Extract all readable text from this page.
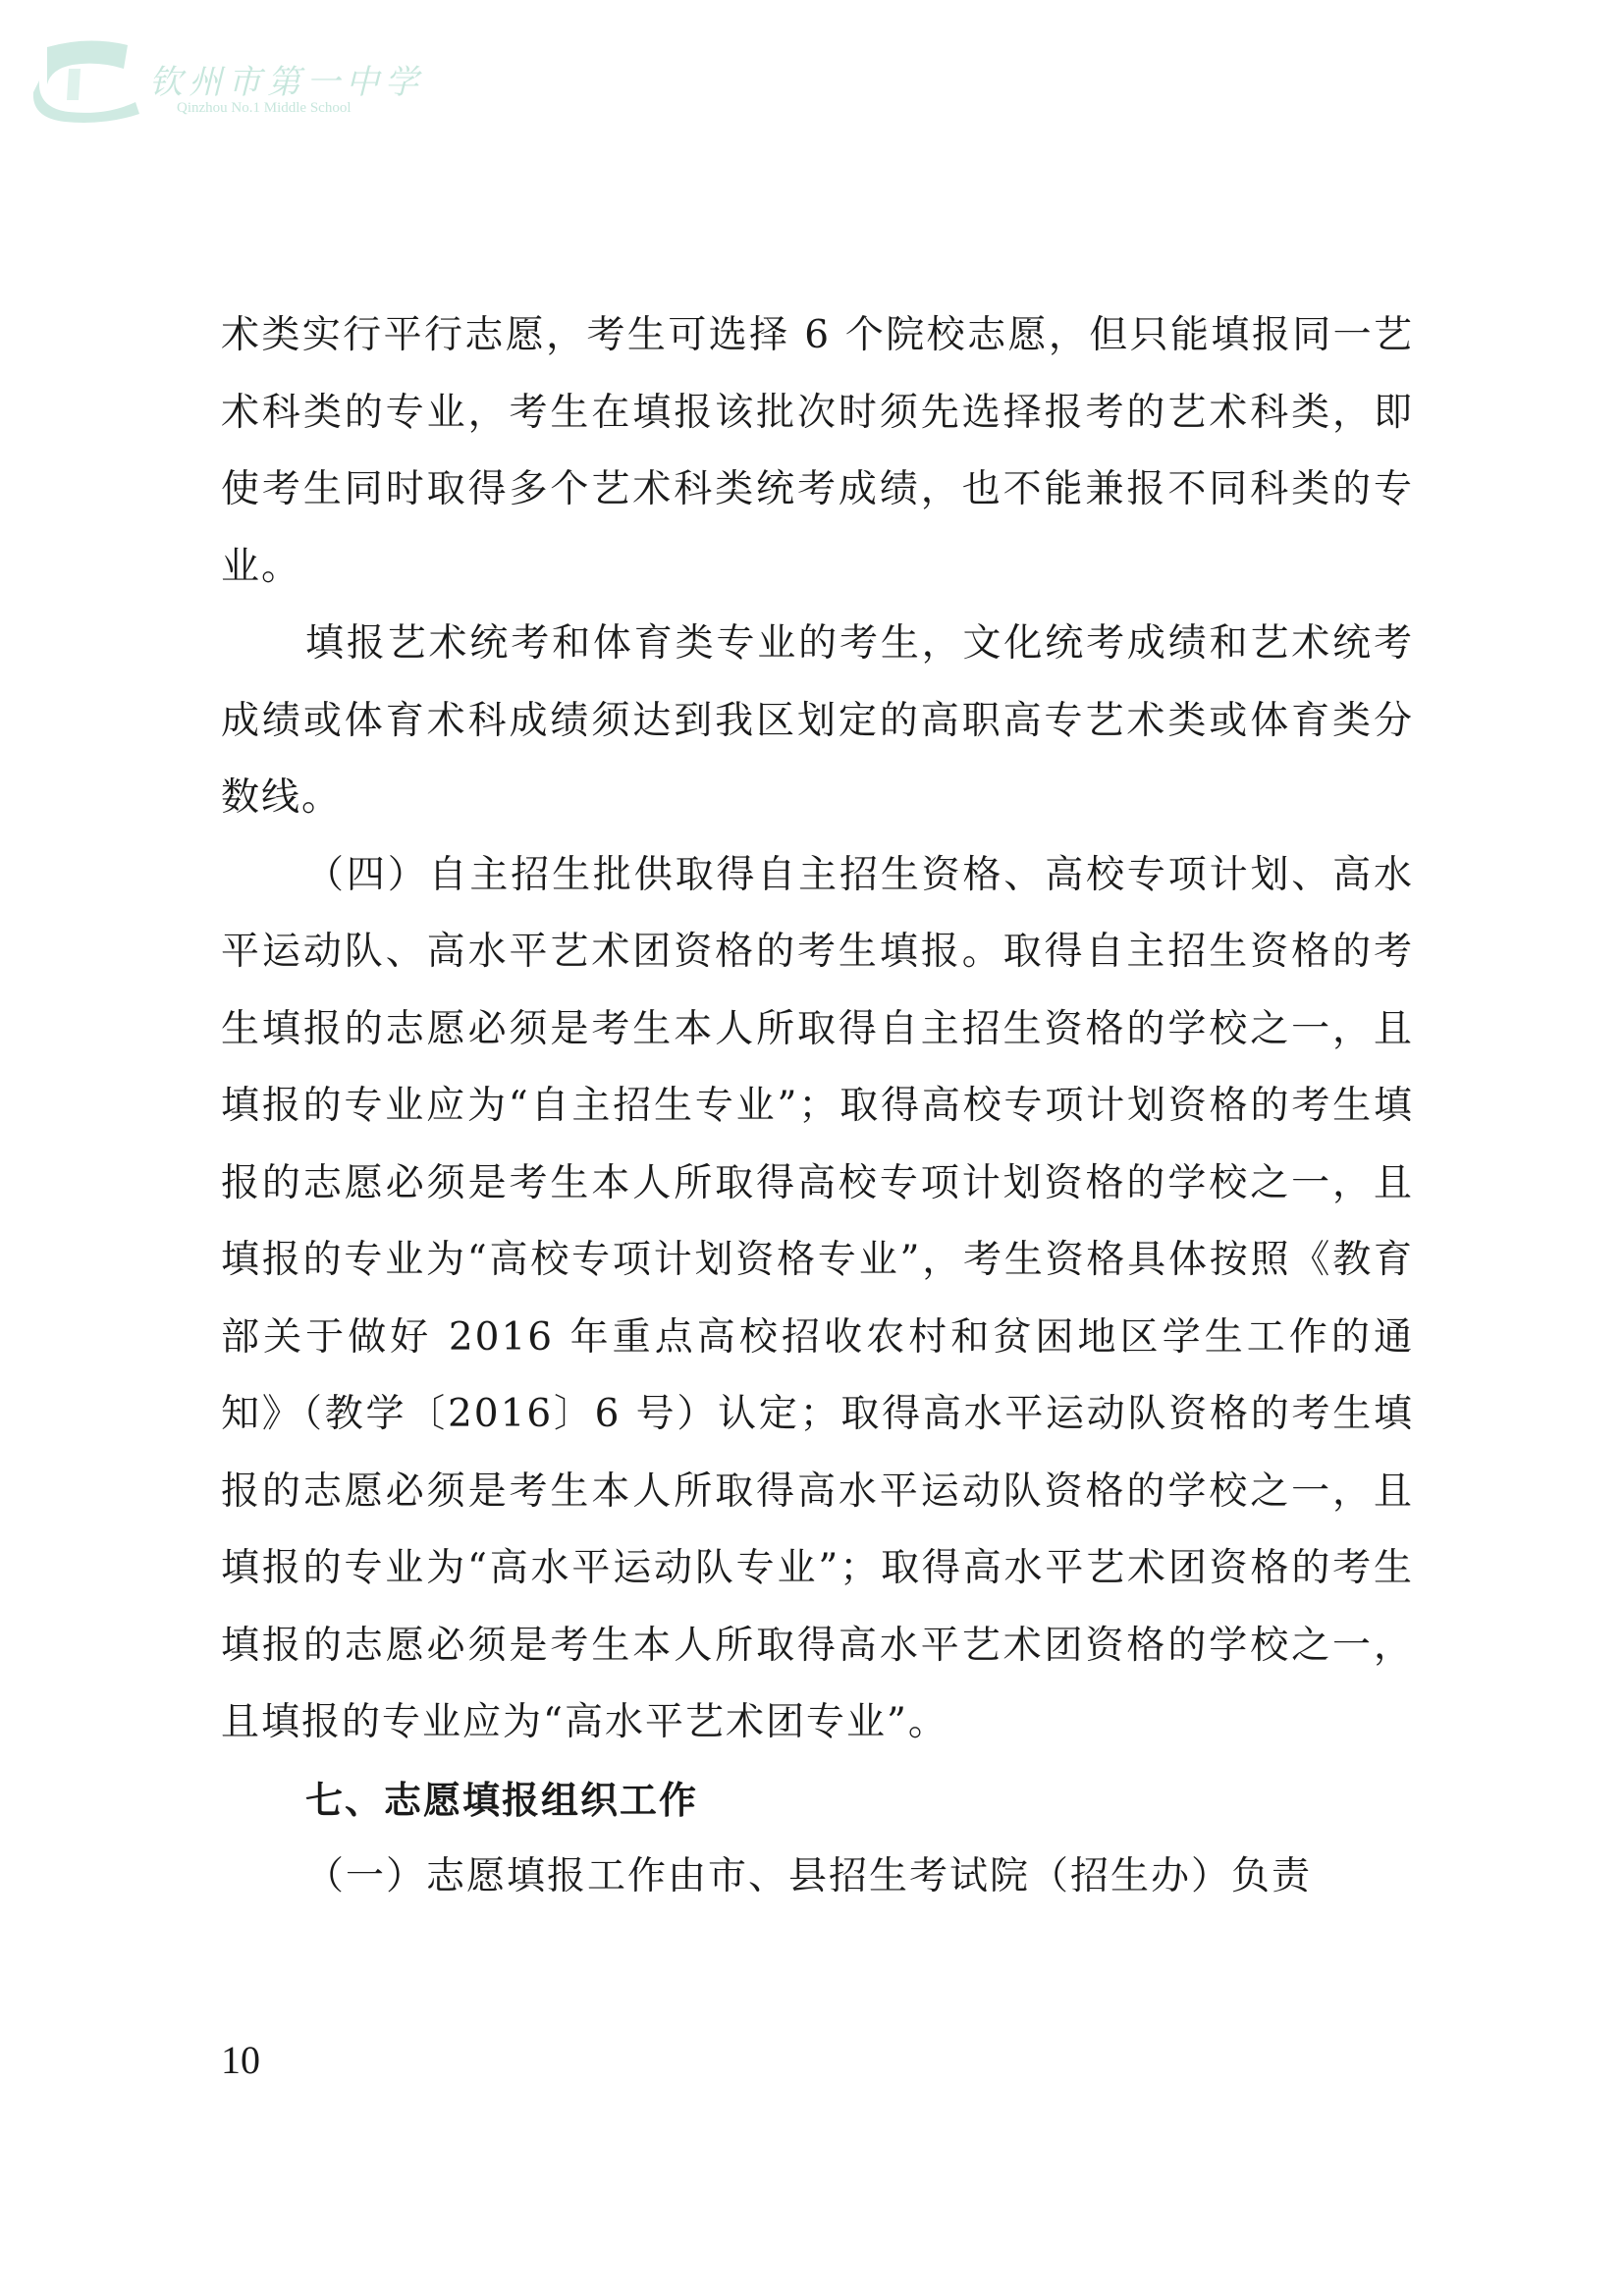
钦州市第一中学
Qinzhou No.1 Middle School

术类实行平行志愿，考生可选择 6 个院校志愿，但只能填报同一艺术科类的专业，考生在填报该批次时须先选择报考的艺术科类，即使考生同时取得多个艺术科类统考成绩，也不能兼报不同科类的专业。

填报艺术统考和体育类专业的考生，文化统考成绩和艺术统考成绩或体育术科成绩须达到我区划定的高职高专艺术类或体育类分数线。

（四）自主招生批供取得自主招生资格、高校专项计划、高水平运动队、高水平艺术团资格的考生填报。取得自主招生资格的考生填报的志愿必须是考生本人所取得自主招生资格的学校之一，且填报的专业应为“自主招生专业”；取得高校专项计划资格的考生填报的志愿必须是考生本人所取得高校专项计划资格的学校之一，且填报的专业为“高校专项计划资格专业”，考生资格具体按照《教育部关于做好 2016 年重点高校招收农村和贫困地区学生工作的通知》（教学〔2016〕6 号）认定；取得高水平运动队资格的考生填报的志愿必须是考生本人所取得高水平运动队资格的学校之一，且填报的专业为“高水平运动队专业”；取得高水平艺术团资格的考生填报的志愿必须是考生本人所取得高水平艺术团资格的学校之一，且填报的专业应为“高水平艺术团专业”。

七、志愿填报组织工作

（一）志愿填报工作由市、县招生考试院（招生办）负责

10
